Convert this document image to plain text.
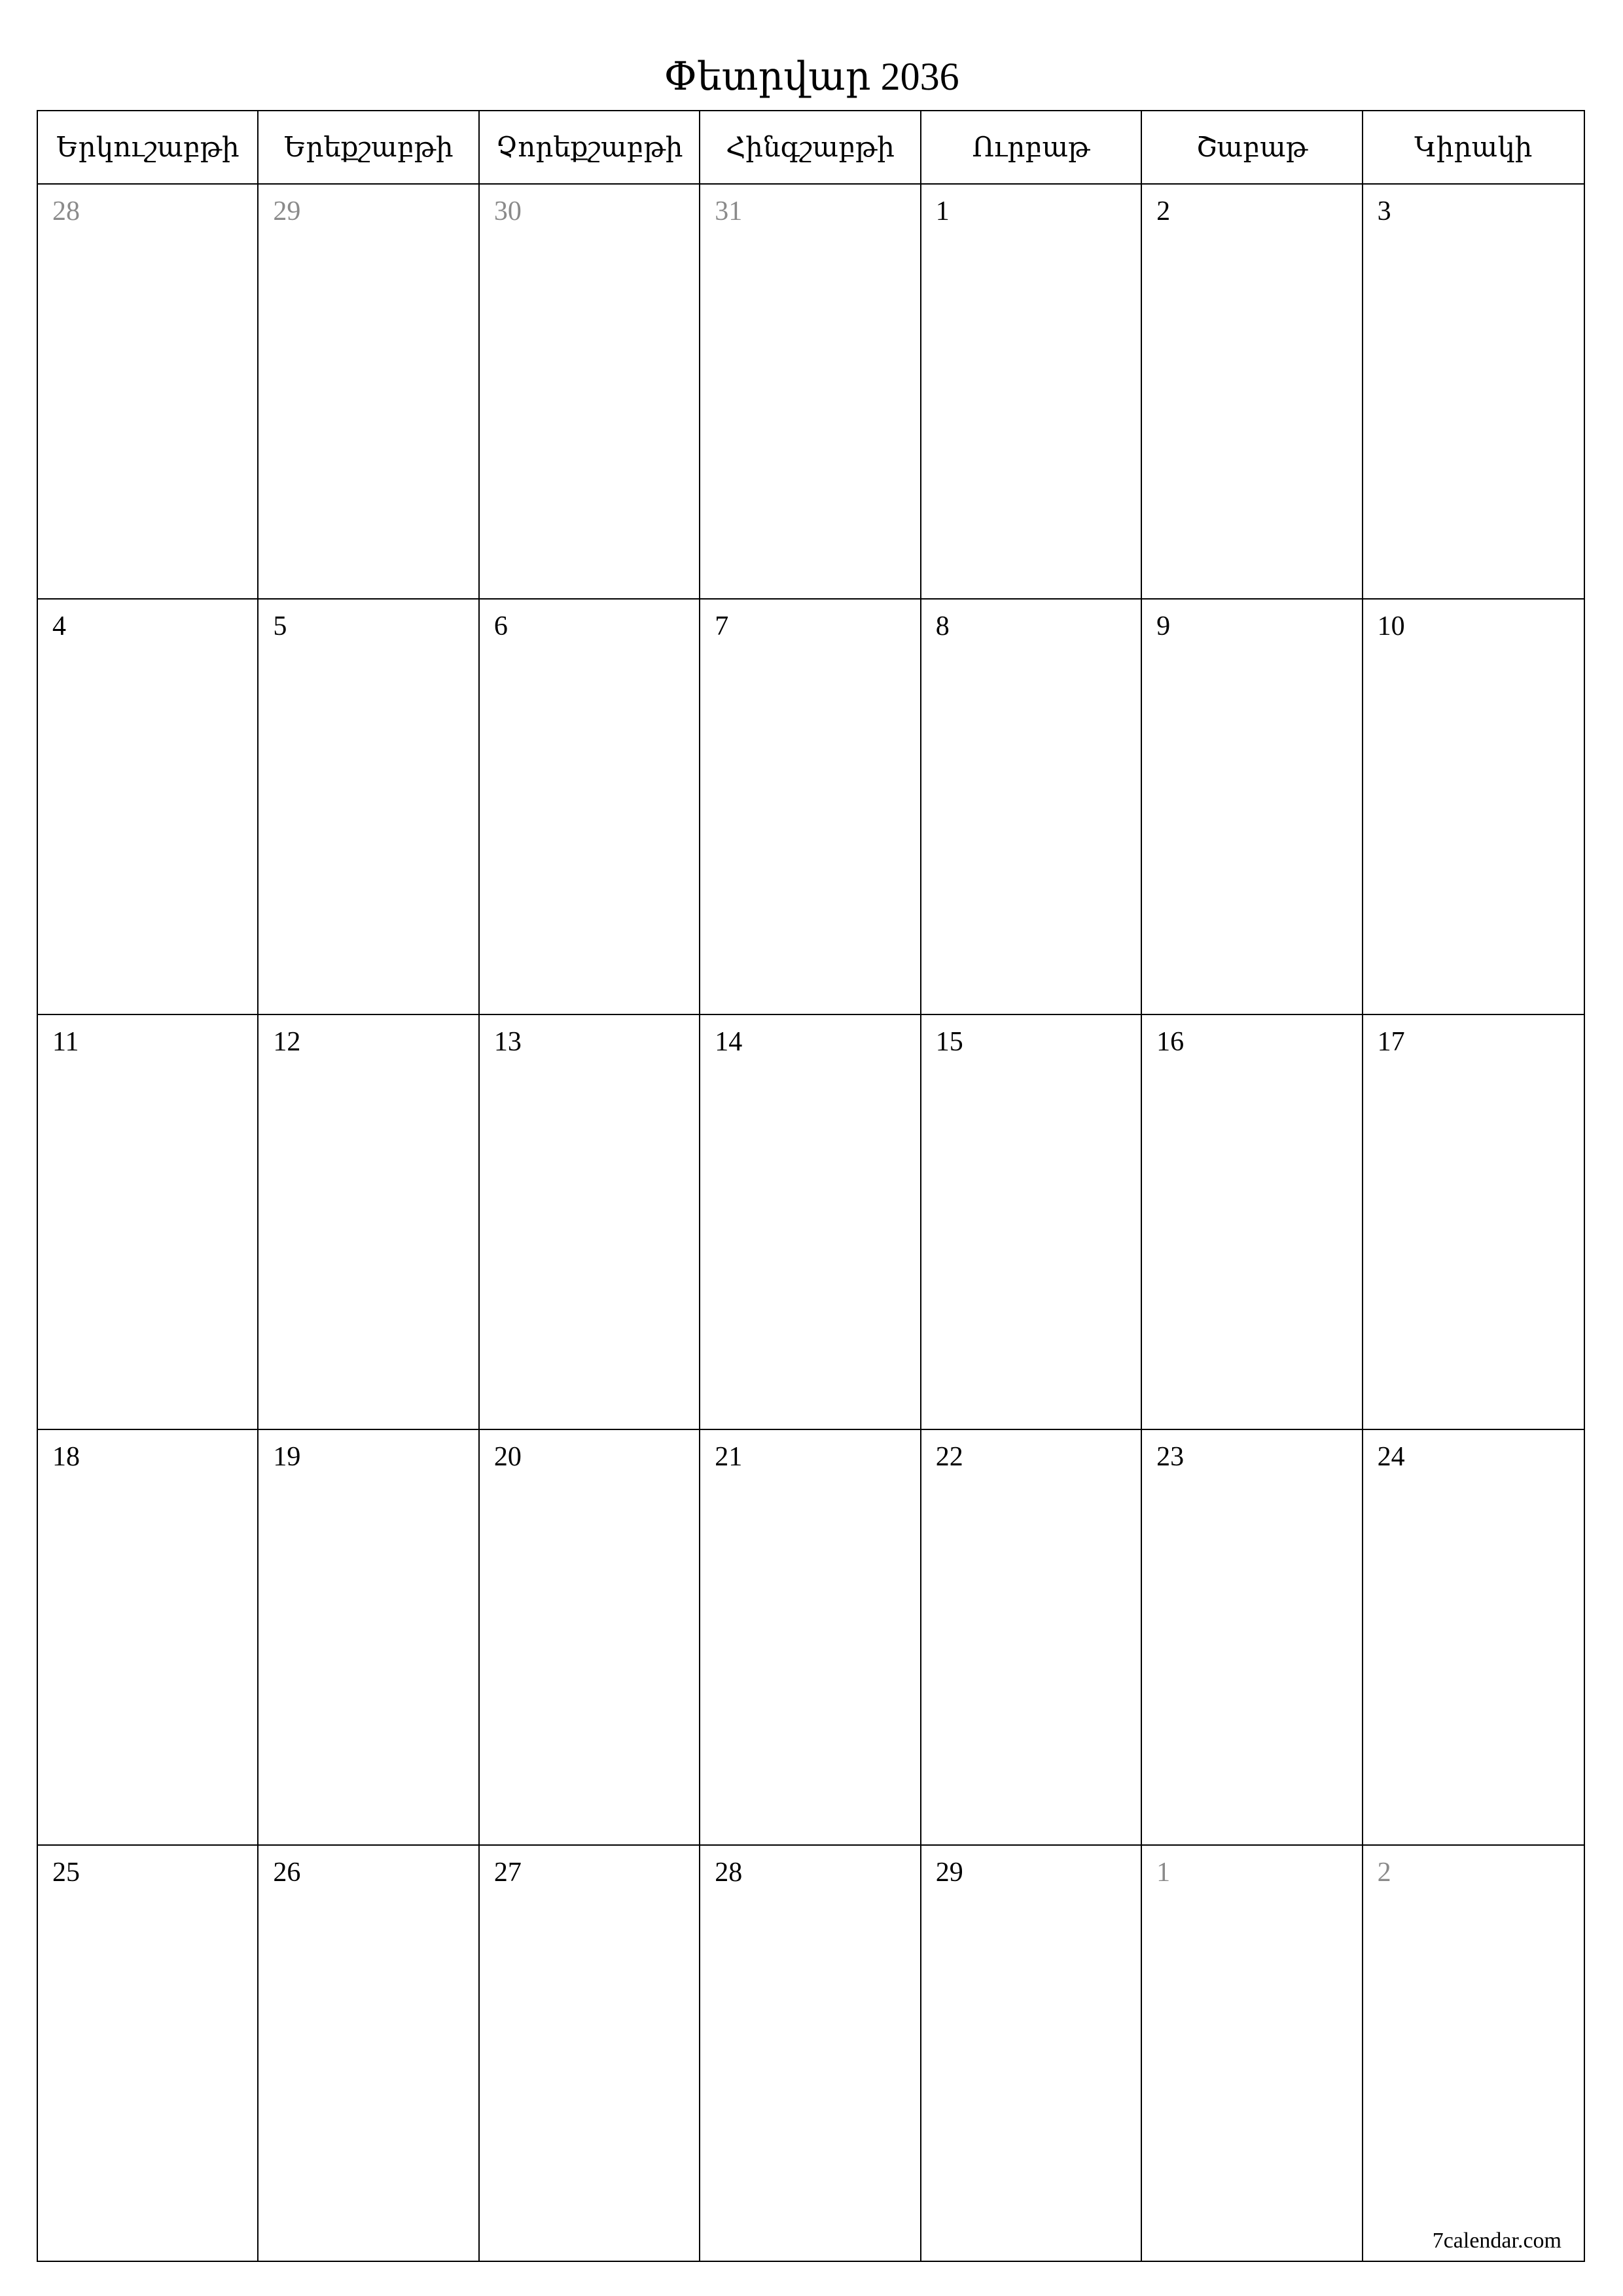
Փետրվար 2036
Երկուշաբթի	Երեքշաբթի	Չորեքշաբթի	Հինգշաբթի	Ուրբաթ	Շաբաթ	Կիրակի
28	29	30	31	1	2	3
4	5	6	7	8	9	10
11	12	13	14	15	16	17
18	19	20	21	22	23	24
25	26	27	28	29	1	2
7calendar.com
